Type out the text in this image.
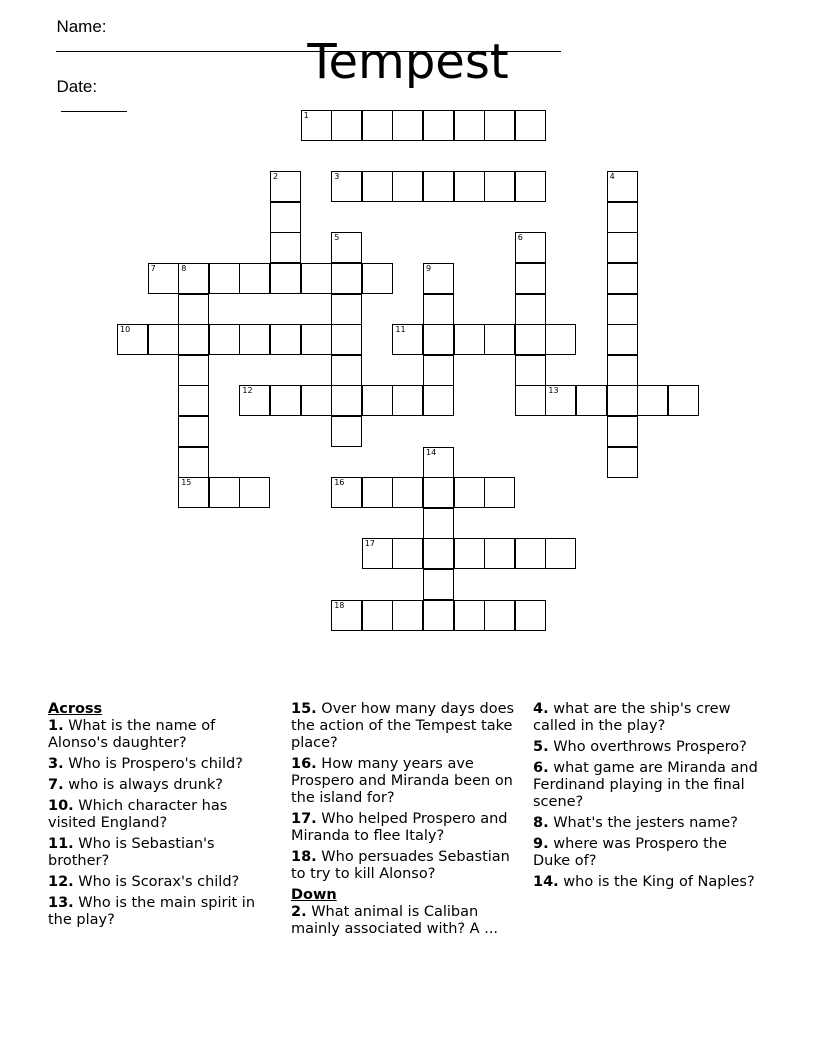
Name:

Date:
	Tempest
1
3
7	8
10	11
12	13
15	16
17
18
2	4
5	6
9
14
Across
1. What is the name of Alonso's daughter?
3. Who is Prospero's child?
7. who is always drunk?
10. Which character has visited England?
11. Who is Sebastian's brother?
12. Who is Scorax's child?
13. Who is the main spirit in the play?
15. Over how many days does the action of the Tempest take place?
16. How many years ave Prospero and Miranda been on the island for?
17. Who helped Prospero and Miranda to flee Italy?
18. Who persuades Sebastian to try to kill Alonso?
Down
2. What animal is Caliban mainly associated with? A ...
4. what are the ship's crew called in the play?
5. Who overthrows Prospero?
6. what game are Miranda and Ferdinand playing in the final scene?
8. What's the jesters name?
9. where was Prospero the Duke of?
14. who is the King of Naples?
